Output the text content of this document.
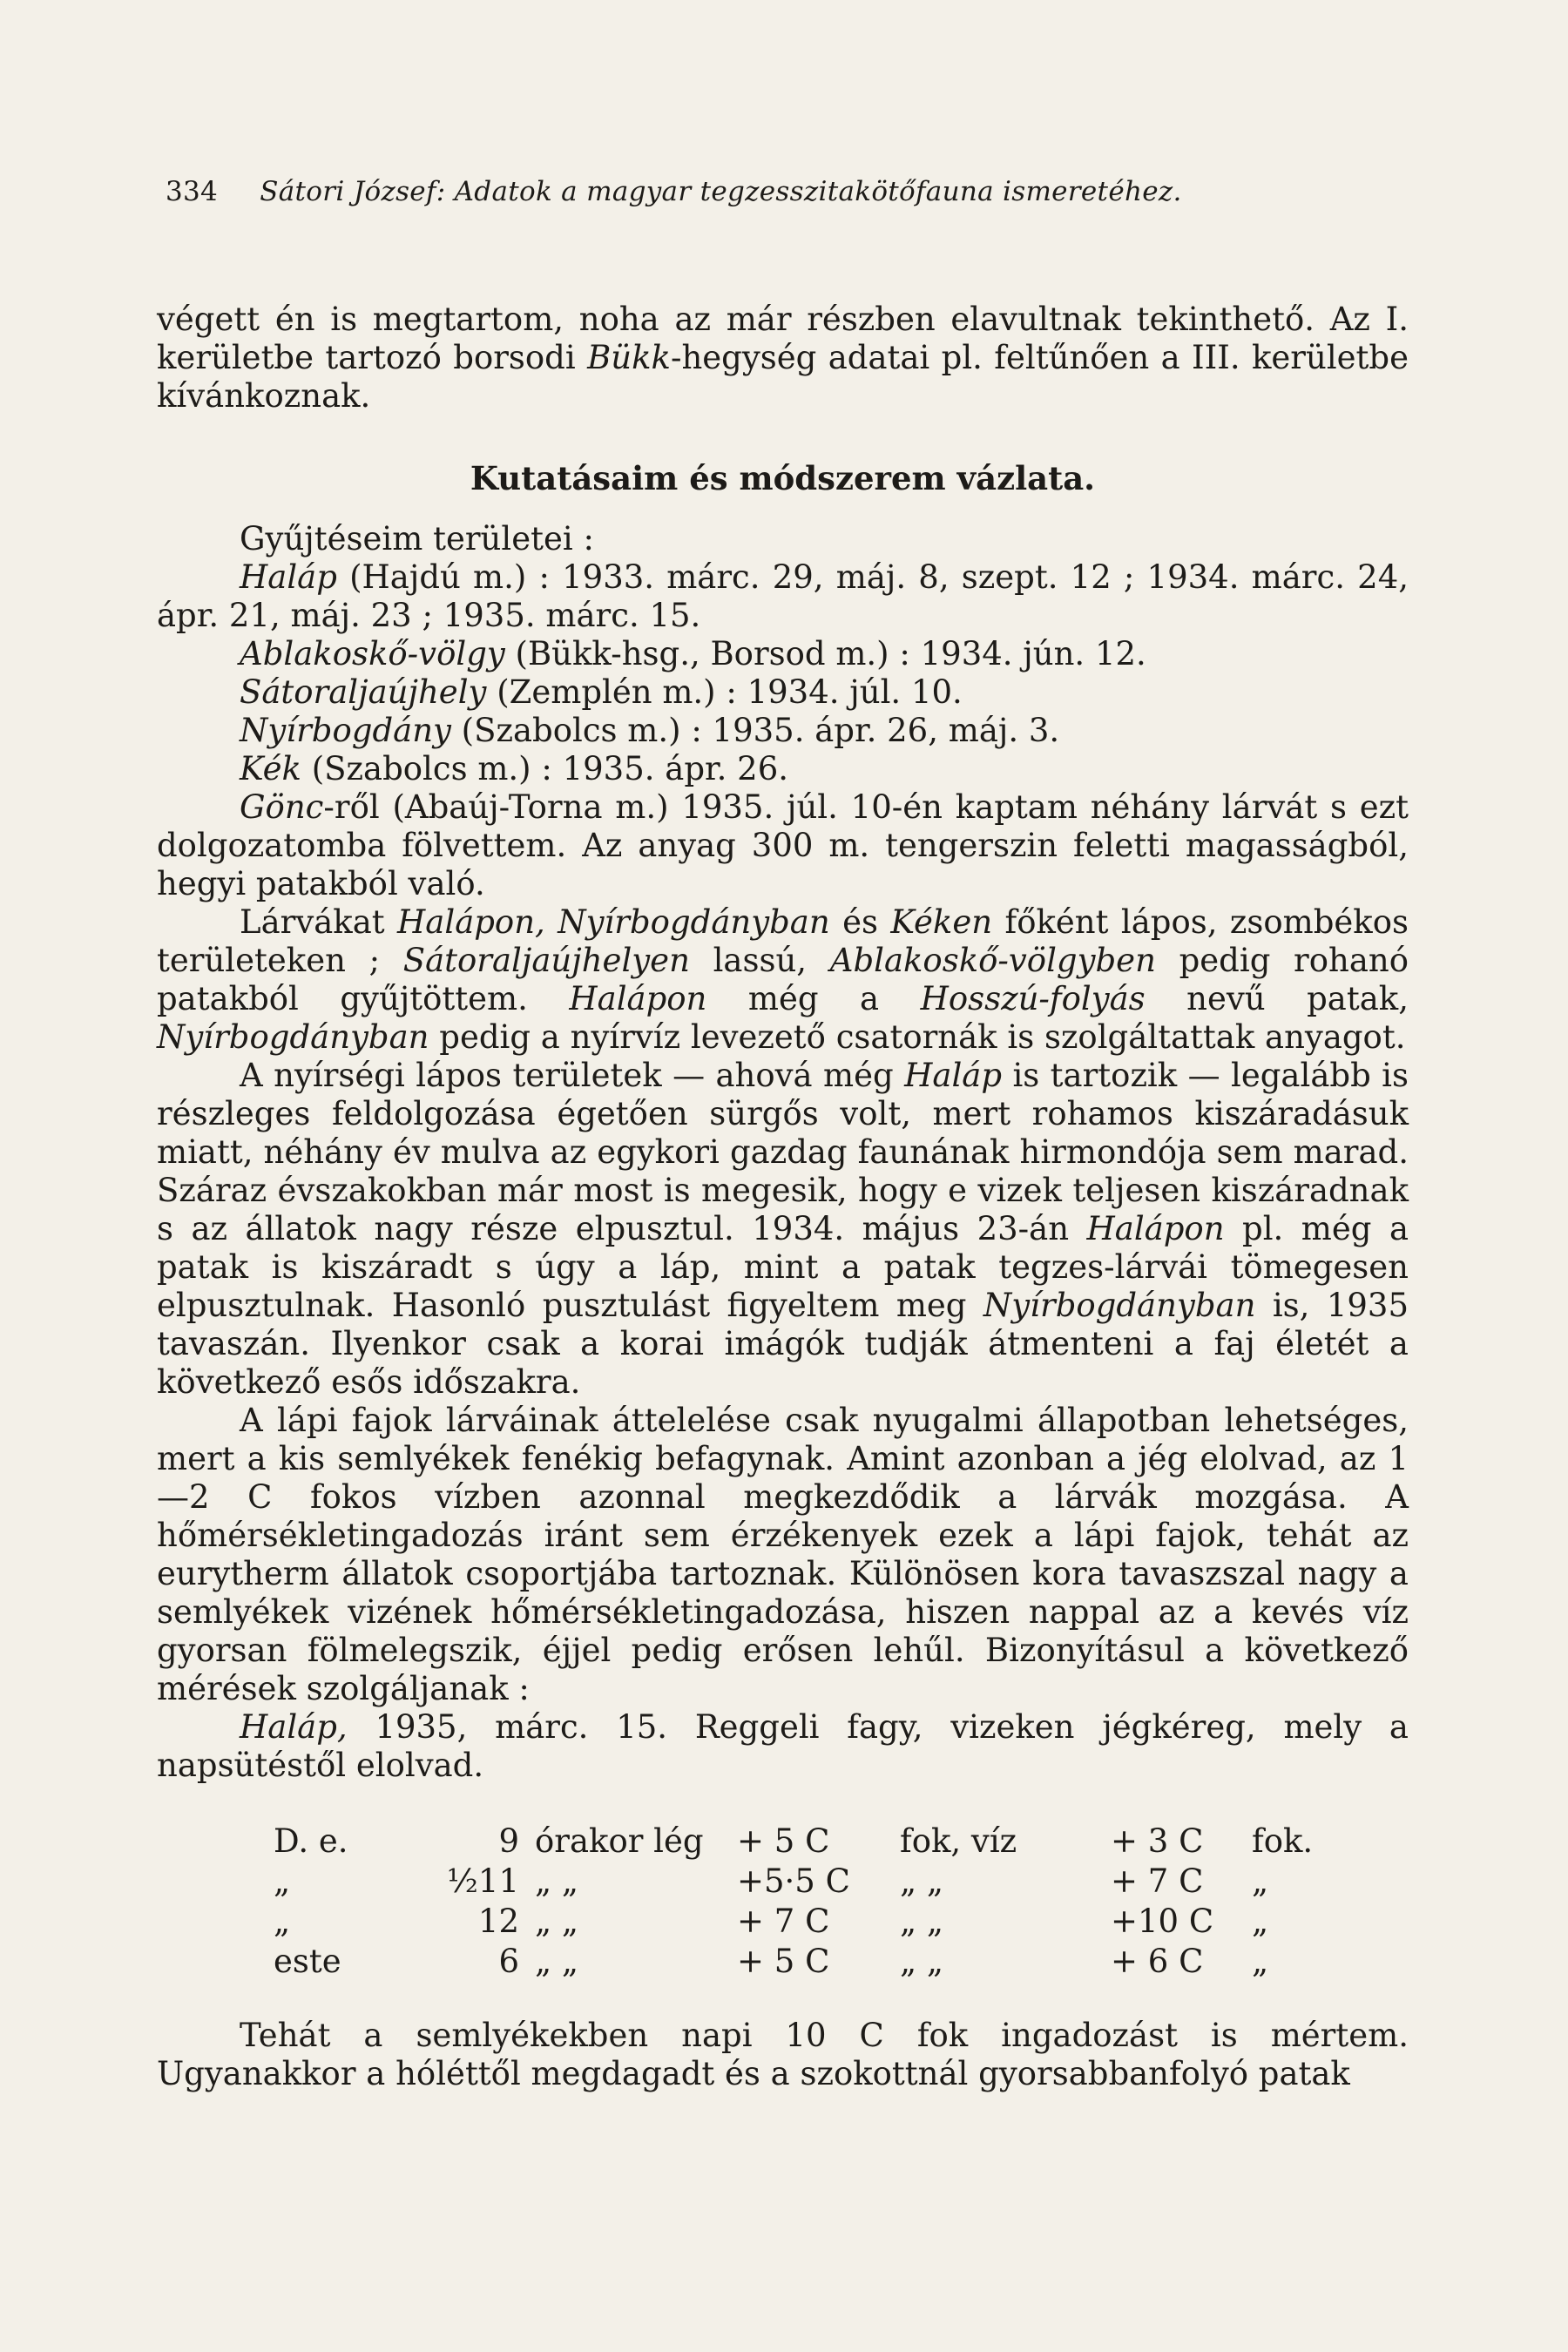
334 Sátori József: Adatok a magyar tegzesszitakötőfauna ismeretéhez.

végett én is megtartom, noha az már részben elavultnak tekinthető. Az I. kerületbe tartozó borsodi Bükk-hegység adatai pl. feltűnően a III. kerületbe kívánkoznak.

Kutatásaim és módszerem vázlata.

Gyűjtéseim területei :

Haláp (Hajdú m.) : 1933. márc. 29, máj. 8, szept. 12 ; 1934. márc. 24, ápr. 21, máj. 23 ; 1935. márc. 15.

Ablakoskő-völgy (Bükk-hsg., Borsod m.) : 1934. jún. 12.

Sátoraljaújhely (Zemplén m.) : 1934. júl. 10.

Nyírbogdány (Szabolcs m.) : 1935. ápr. 26, máj. 3.

Kék (Szabolcs m.) : 1935. ápr. 26.

Gönc-ről (Abaúj-Torna m.) 1935. júl. 10-én kaptam néhány lárvát s ezt dolgozatomba fölvettem. Az anyag 300 m. tengerszin feletti magasságból, hegyi patakból való.

Lárvákat Halápon, Nyírbogdányban és Kéken főként lápos, zsombékos területeken ; Sátoraljaújhelyen lassú, Ablakoskő-völgyben pedig rohanó patakból gyűjtöttem. Halápon még a Hosszú-folyás nevű patak, Nyírbogdányban pedig a nyírvíz levezető csatornák is szolgáltattak anyagot.

A nyírségi lápos területek — ahová még Haláp is tartozik — legalább is részleges feldolgozása égetően sürgős volt, mert rohamos kiszáradásuk miatt, néhány év mulva az egykori gazdag faunának hirmondója sem marad. Száraz évszakokban már most is megesik, hogy e vizek teljesen kiszáradnak s az állatok nagy része elpusztul. 1934. május 23-án Halápon pl. még a patak is kiszáradt s úgy a láp, mint a patak tegzes-lárvái tömegesen elpusztulnak. Hasonló pusztulást figyeltem meg Nyírbogdányban is, 1935 tavaszán. Ilyenkor csak a korai imágók tudják átmenteni a faj életét a következő esős időszakra.

A lápi fajok lárváinak áttelelése csak nyugalmi állapotban lehetséges, mert a kis semlyékek fenékig befagynak. Amint azonban a jég elolvad, az 1—2 C fokos vízben azonnal megkezdődik a lárvák mozgása. A hőmérsékletingadozás iránt sem érzékenyek ezek a lápi fajok, tehát az eurytherm állatok csoportjába tartoznak. Különösen kora tavaszszal nagy a semlyékek vizének hőmérsékletingadozása, hiszen nappal az a kevés víz gyorsan fölmelegszik, éjjel pedig erősen lehűl. Bizonyításul a következő mérések szolgáljanak :

Haláp, 1935, márc. 15. Reggeli fagy, vizeken jégkéreg, mely a napsütéstől elolvad.

D. e.	9	órakor lég	+ 5 C	fok, víz	+ 3 C	fok.
„	½11	„ „	+5·5 C	„ „	+ 7 C	„
„	12	„ „	+ 7 C	„ „	+10 C	„
este	6	„ „	+ 5 C	„ „	+ 6 C	„

Tehát a semlyékekben napi 10 C fok ingadozást is mértem. Ugyanakkor a hóléttől megdagadt és a szokottnál gyorsabbanfolyó patak
